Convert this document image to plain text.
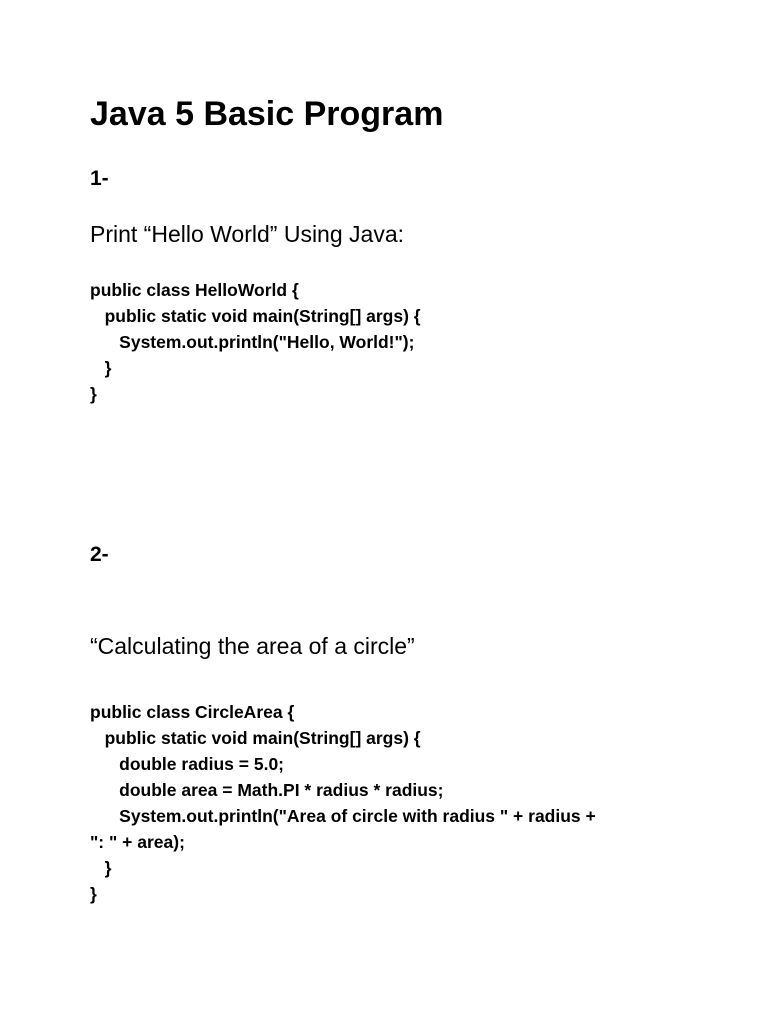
Java 5 Basic Program
1-
Print “Hello World” Using Java:
public class HelloWorld {
public static void main(String[] args) {
System.out.println("Hello, World!");
}
}
2-
“Calculating the area of a circle”
public class CircleArea {
public static void main(String[] args) {
double radius = 5.0;
double area = Math.PI * radius * radius;
System.out.println("Area of circle with radius " + radius +
": " + area);
}
}
